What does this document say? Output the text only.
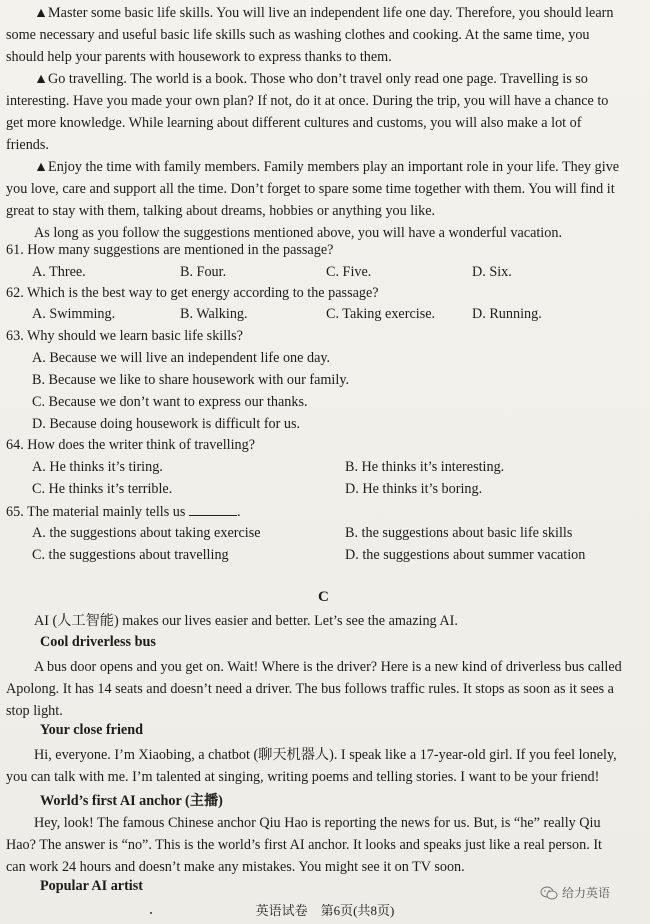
▲Master some basic life skills. You will live an independent life one day. Therefore, you should learn

some necessary and useful basic life skills such as washing clothes and cooking. At the same time, you
should help your parents with housework to express thanks to them.

▲Go travelling. The world is a book. Those who don’t travel only read one page. Travelling is so

interesting. Have you made your own plan? If not, do it at once. During the trip, you will have a chance to
get more knowledge. While learning about different cultures and customs, you will also make a lot of
friends.

▲Enjoy the time with family members. Family members play an important role in your life. They give

you love, care and support all the time. Don’t forget to spare some time together with them. You will find it
great to stay with them, talking about dreams, hobbies or anything you like.

As long as you follow the suggestions mentioned above, you will have a wonderful vacation.

61. How many suggestions are mentioned in the passage?
A. Three.	B. Four.	C. Five.	D. Six.
62. Which is the best way to get energy according to the passage?
A. Swimming.	B. Walking.	C. Taking exercise.	D. Running.
63. Why should we learn basic life skills?
A. Because we will live an independent life one day.
B. Because we like to share housework with our family.
C. Because we don’t want to express our thanks.
D. Because doing housework is difficult for us.
64. How does the writer think of travelling?
A. He thinks it’s tiring.	B. He thinks it’s interesting.
C. He thinks it’s terrible.	D. He thinks it’s boring.
65. The material mainly tells us	.
A. the suggestions about taking exercise	B. the suggestions about basic life skills
C. the suggestions about travelling	D. the suggestions about summer vacation
C

AI (人工智能) makes our lives easier and better. Let’s see the amazing AI.

Cool driverless bus

A bus door opens and you get on. Wait! Where is the driver? Here is a new kind of driverless bus called

Apolong. It has 14 seats and doesn’t need a driver. The bus follows traffic rules. It stops as soon as it sees a
stop light.

Your close friend

Hi, everyone. I’m Xiaobing, a chatbot (聊天机器人). I speak like a 17-year-old girl. If you feel lonely,

you can talk with me. I’m talented at singing, writing poems and telling stories. I want to be your friend!

World’s first AI anchor (主播)

Hey, look! The famous Chinese anchor Qiu Hao is reporting the news for us. But, is “he” really Qiu

Hao? The answer is “no”. This is the world’s first AI anchor. It looks and speaks just like a real person. It
can work 24 hours and doesn’t make any mistakes. You might see it on TV soon.

Popular AI artist	给力英语
英语试卷　第6页(共8页)
